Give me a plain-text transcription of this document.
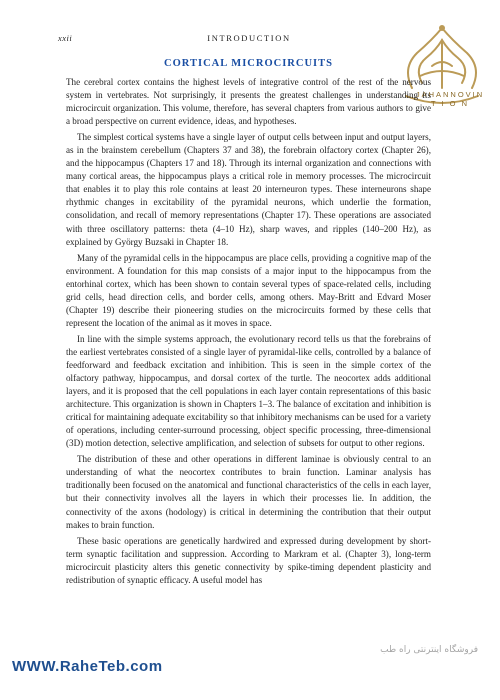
xxii	INTRODUCTION
JAHANNOVIN
T I O N
CORTICAL MICROCIRCUITS

The cerebral cortex contains the highest levels of integrative control of the rest of the nervous system in vertebrates. Not surprisingly, it presents the greatest challenges in understanding its microcircuit organization. This volume, therefore, has several chapters from various authors to give a broad perspective on current evidence, ideas, and hypotheses.

The simplest cortical systems have a single layer of output cells between input and output layers, as in the brainstem cerebellum (Chapters 37 and 38), the forebrain olfactory cortex (Chapter 26), and the hippocampus (Chapters 17 and 18). Through its internal organization and connections with many cortical areas, the hippocampus plays a critical role in memory processes. The microcircuit that enables it to play this role contains at least 20 interneuron types. These interneurons shape rhythmic changes in excitability of the pyramidal neurons, which underlie the formation, consolidation, and recall of memory representations (Chapter 17). These operations are associated with three oscillatory patterns: theta (4–10 Hz), sharp waves, and ripples (140–200 Hz), as explained by György Buzsaki in Chapter 18.

Many of the pyramidal cells in the hippocampus are place cells, providing a cognitive map of the environment. A foundation for this map consists of a major input to the hippocampus from the entorhinal cortex, which has been shown to contain several types of space-related cells, including grid cells, head direction cells, and border cells, among others. May-Britt and Edvard Moser (Chapter 19) describe their pioneering studies on the microcircuits formed by these cells that represent the location of the animal as it moves in space.

In line with the simple systems approach, the evolutionary record tells us that the forebrains of the earliest vertebrates consisted of a single layer of pyramidal-like cells, controlled by a balance of feedforward and feedback excitation and inhibition. This is seen in the simple cortex of the olfactory pathway, hippocampus, and dorsal cortex of the turtle. The neocortex adds additional layers, and it is proposed that the cell populations in each layer contain representations of this basic architecture. This organization is shown in Chapters 1–3. The balance of excitation and inhibition is critical for maintaining adequate excitability so that inhibitory mechanisms can be used for a variety of operations, including center-surround processing, object specific processing, three-dimensional (3D) motion detection, selective amplification, and selection of subsets for output to other regions.

The distribution of these and other operations in different laminae is obviously central to an understanding of what the neocortex contributes to brain function. Laminar analysis has traditionally been focused on the anatomical and functional characteristics of the cells in each layer, but their connectivity involves all the layers in which their processes lie. In addition, the connectivity of the axons (hodology) is critical in determining the contribution that their output makes to brain function.

These basic operations are genetically hardwired and expressed during development by short-term synaptic facilitation and suppression. According to Markram et al. (Chapter 3), long-term microcircuit plasticity alters this genetic connectivity by spike-timing dependent plasticity and redistribution of synaptic efficacy. A useful model has

فروشگاه اینترنتی راه طب
WWW.RaheTeb.com
